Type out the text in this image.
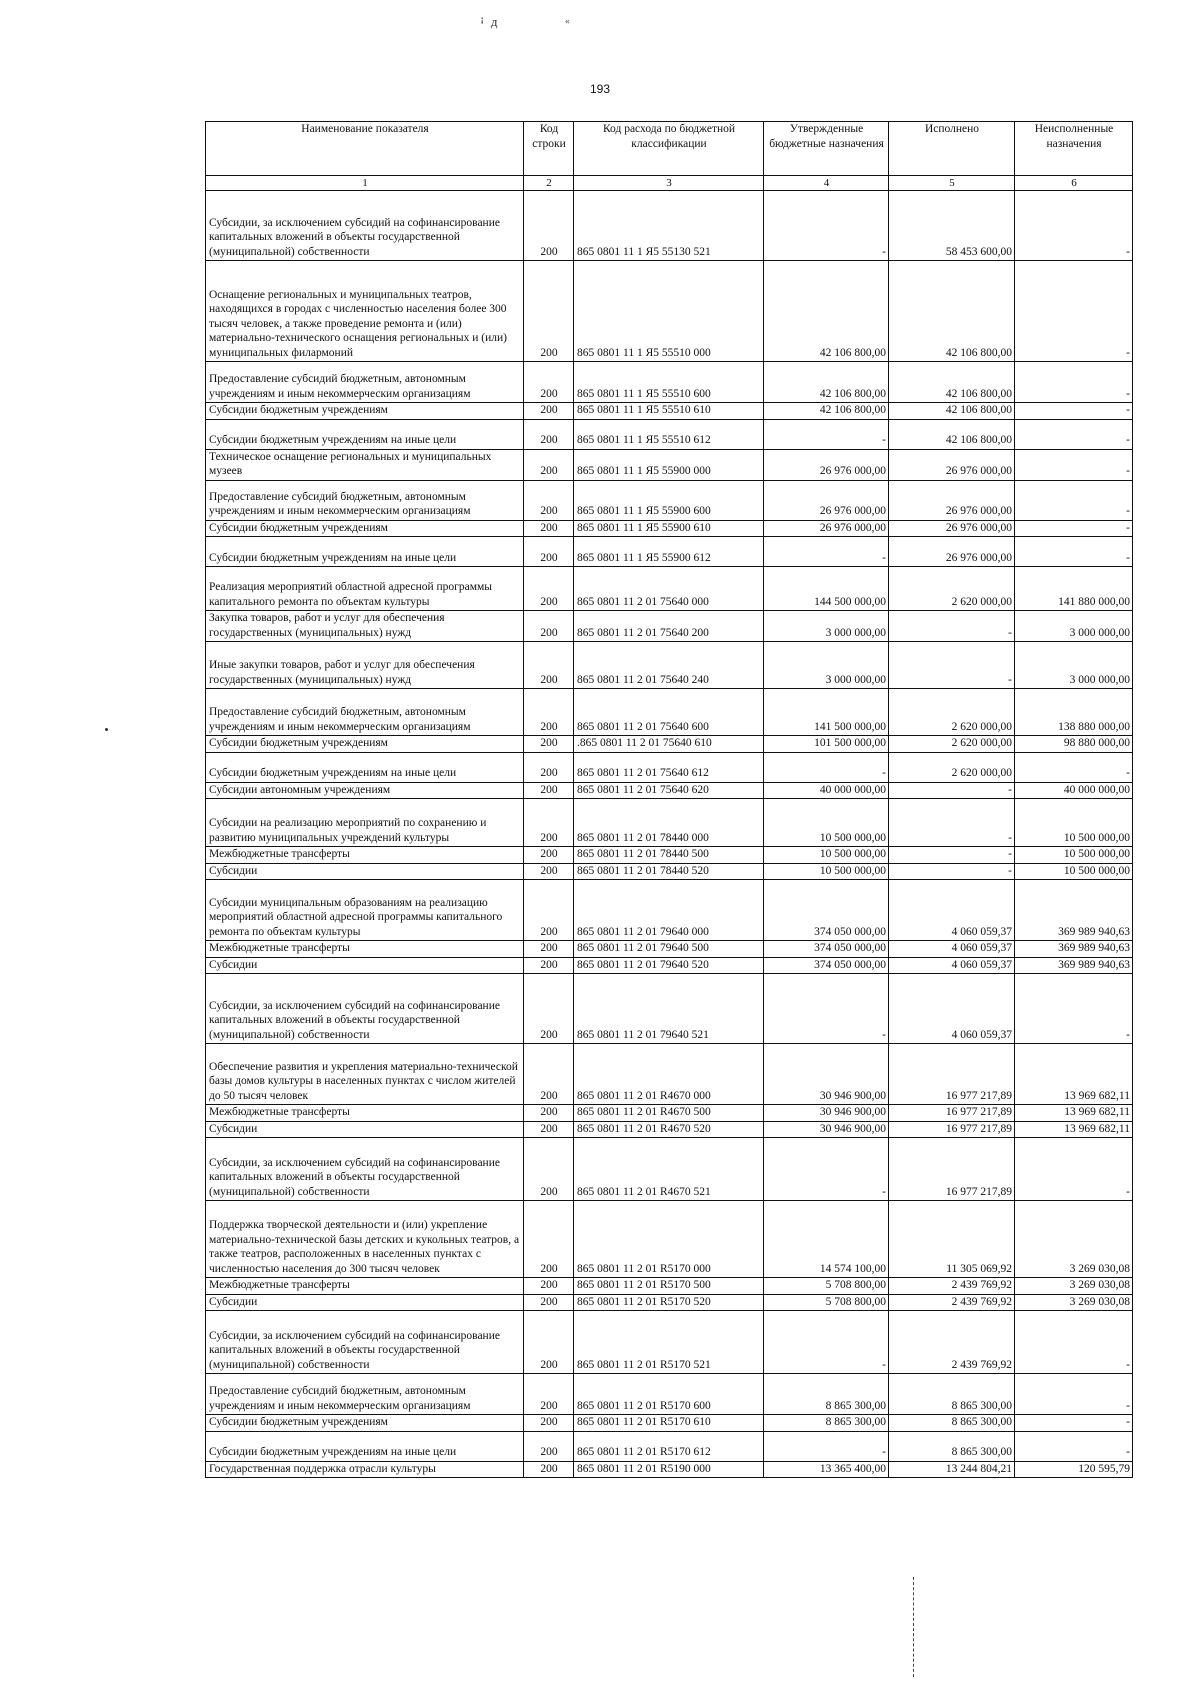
ꜟ  д	«
193
Наименование показателя	Код строки	Код расхода по бюджетной классификации	Утвержденные бюджетные назначения	Исполнено	Неисполненные назначения
1	2	3	4	5	6
Субсидии, за исключением субсидий на софинансирование капитальных вложений в объекты государственной (муниципальной) собственности	200	865 0801 11 1 Я5 55130 521	-	58 453 600,00	-
Оснащение региональных и муниципальных театров, находящихся в городах с численностью населения более 300 тысяч человек, а также проведение ремонта и (или) материально-технического оснащения региональных и (или) муниципальных филармоний	200	865 0801 11 1 Я5 55510 000	42 106 800,00	42 106 800,00	-
Предоставление субсидий бюджетным, автономным учреждениям и иным некоммерческим организациям	200	865 0801 11 1 Я5 55510 600	42 106 800,00	42 106 800,00	-
Субсидии бюджетным учреждениям	200	865 0801 11 1 Я5 55510 610	42 106 800,00	42 106 800,00	-
Субсидии бюджетным учреждениям на иные цели	200	865 0801 11 1 Я5 55510 612	-	42 106 800,00	-
Техническое оснащение региональных и муниципальных музеев	200	865 0801 11 1 Я5 55900 000	26 976 000,00	26 976 000,00	-
Предоставление субсидий бюджетным, автономным учреждениям и иным некоммерческим организациям	200	865 0801 11 1 Я5 55900 600	26 976 000,00	26 976 000,00	-
Субсидии бюджетным учреждениям	200	865 0801 11 1 Я5 55900 610	26 976 000,00	26 976 000,00	-
Субсидии бюджетным учреждениям на иные цели	200	865 0801 11 1 Я5 55900 612	-	26 976 000,00	-
Реализация мероприятий областной адресной программы капитального ремонта по объектам культуры	200	865 0801 11 2 01 75640 000	144 500 000,00	2 620 000,00	141 880 000,00
Закупка товаров, работ и услуг для обеспечения государственных (муниципальных) нужд	200	865 0801 11 2 01 75640 200	3 000 000,00	-	3 000 000,00
Иные закупки товаров, работ и услуг для обеспечения государственных (муниципальных) нужд	200	865 0801 11 2 01 75640 240	3 000 000,00	-	3 000 000,00
Предоставление субсидий бюджетным, автономным учреждениям и иным некоммерческим организациям	200	865 0801 11 2 01 75640 600	141 500 000,00	2 620 000,00	138 880 000,00
Субсидии бюджетным учреждениям	200	.865 0801 11 2 01 75640 610	101 500 000,00	2 620 000,00	98 880 000,00
Субсидии бюджетным учреждениям на иные цели	200	865 0801 11 2 01 75640 612	-	2 620 000,00	-
Субсидии автономным учреждениям	200	865 0801 11 2 01 75640 620	40 000 000,00	-	40 000 000,00
Субсидии на реализацию мероприятий по сохранению и развитию муниципальных учреждений культуры	200	865 0801 11 2 01 78440 000	10 500 000,00	-	10 500 000,00
Межбюджетные трансферты	200	865 0801 11 2 01 78440 500	10 500 000,00	-	10 500 000,00
Субсидии	200	865 0801 11 2 01 78440 520	10 500 000,00	-	10 500 000,00
Субсидии муниципальным образованиям на реализацию мероприятий областной адресной программы капитального ремонта по объектам культуры	200	865 0801 11 2 01 79640 000	374 050 000,00	4 060 059,37	369 989 940,63
Межбюджетные трансферты	200	865 0801 11 2 01 79640 500	374 050 000,00	4 060 059,37	369 989 940,63
Субсидии	200	865 0801 11 2 01 79640 520	374 050 000,00	4 060 059,37	369 989 940,63
Субсидии, за исключением субсидий на софинансирование капитальных вложений в объекты государственной (муниципальной) собственности	200	865 0801 11 2 01 79640 521	-	4 060 059,37	-
Обеспечение развития и укрепления материально-технической базы домов культуры в населенных пунктах с числом жителей до 50 тысяч человек	200	865 0801 11 2 01 R4670 000	30 946 900,00	16 977 217,89	13 969 682,11
Межбюджетные трансферты	200	865 0801 11 2 01 R4670 500	30 946 900,00	16 977 217,89	13 969 682,11
Субсидии	200	865 0801 11 2 01 R4670 520	30 946 900,00	16 977 217,89	13 969 682,11
Субсидии, за исключением субсидий на софинансирование капитальных вложений в объекты государственной (муниципальной) собственности	200	865 0801 11 2 01 R4670 521	-	16 977 217,89	-
Поддержка творческой деятельности и (или) укрепление материально-технической базы детских и кукольных театров, а также театров, расположенных в населенных пунктах с численностью населения до 300 тысяч человек	200	865 0801 11 2 01 R5170 000	14 574 100,00	11 305 069,92	3 269 030,08
Межбюджетные трансферты	200	865 0801 11 2 01 R5170 500	5 708 800,00	2 439 769,92	3 269 030,08
Субсидии	200	865 0801 11 2 01 R5170 520	5 708 800,00	2 439 769,92	3 269 030,08
Субсидии, за исключением субсидий на софинансирование капитальных вложений в объекты государственной (муниципальной) собственности	200	865 0801 11 2 01 R5170 521	-	2 439 769,92	-
Предоставление субсидий бюджетным, автономным учреждениям и иным некоммерческим организациям	200	865 0801 11 2 01 R5170 600	8 865 300,00	8 865 300,00	-
Субсидии бюджетным учреждениям	200	865 0801 11 2 01 R5170 610	8 865 300,00	8 865 300,00	-
Субсидии бюджетным учреждениям на иные цели	200	865 0801 11 2 01 R5170 612	-	8 865 300,00	-
Государственная поддержка отрасли культуры	200	865 0801 11 2 01 R5190 000	13 365 400,00	13 244 804,21	120 595,79
